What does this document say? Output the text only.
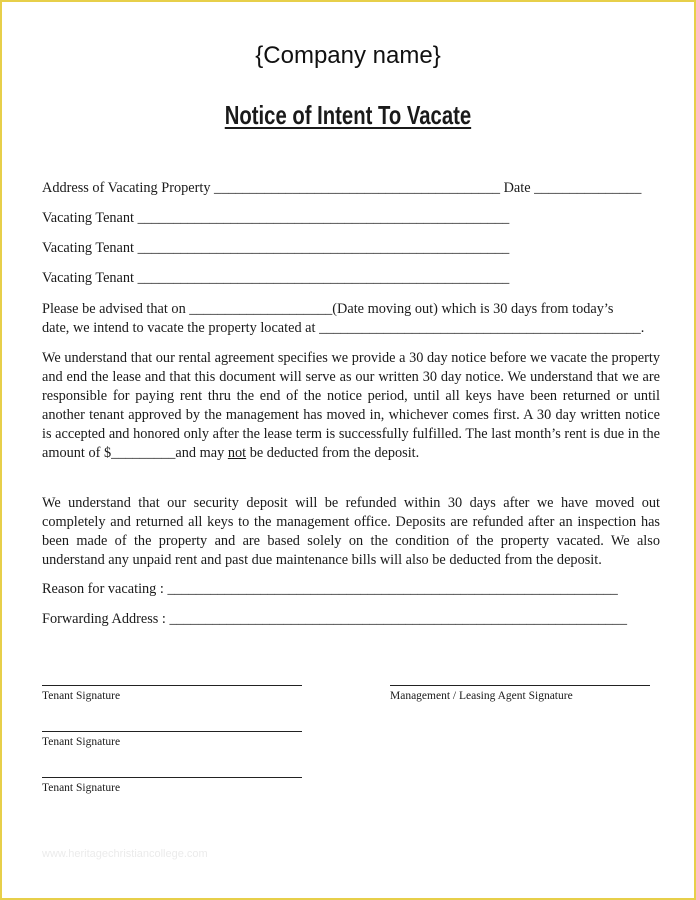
{Company name}
Notice of Intent To Vacate
Address of Vacating Property ________________________________________ Date _______________
Vacating Tenant ____________________________________________________
Vacating Tenant ____________________________________________________
Vacating Tenant ____________________________________________________
Please be advised that on ____________________(Date moving out) which is 30 days from today’s
date, we intend to vacate the property located at _____________________________________________.
We understand that our rental agreement specifies we provide a 30 day notice before we vacate the property and end the lease and that this document will serve as our written 30 day notice. We understand that we are responsible for paying rent thru the end of the notice period, until all keys have been returned or until another tenant approved by the management has moved in, whichever comes first. A 30 day written notice is accepted and honored only after the lease term is successfully fulfilled. The last month’s rent is due in the amount of $_________and may not be deducted from the deposit.
We understand that our security deposit will be refunded within 30 days after we have moved out completely and returned all keys to the management office. Deposits are refunded after an inspection has been made of the property and are based solely on the condition of the property vacated. We also understand any unpaid rent and past due maintenance bills will also be deducted from the deposit.
Reason for vacating : _______________________________________________________________
Forwarding Address : ________________________________________________________________
Tenant Signature	Management / Leasing Agent Signature
Tenant Signature
Tenant Signature
www.heritagechristiancollege.com
